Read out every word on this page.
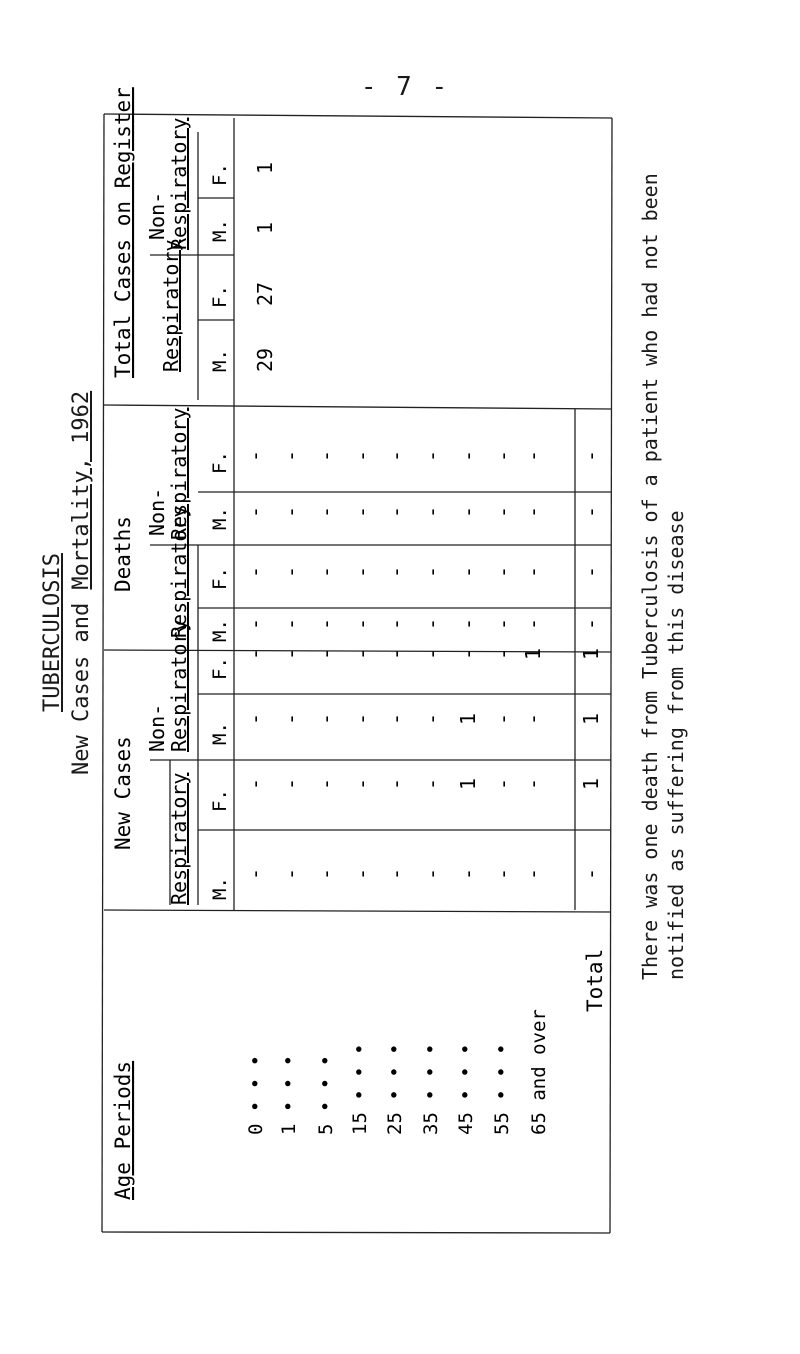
- 7 -
TUBERCULOSIS New Cases and Mortality, 1962	There was one death from Tuberculosis of a patient who had not been notified as suffering from this disease
Total Cases on Register Respiratory
Non-
Respiratory
Deaths Respiratory
Non-
Respiratory
New Cases Respiratory
Non-
Respiratory
Age Periods
M.
F.
M.
F.
M.
F.
M.
F.
M.
F.
M.
F.
29
27
1
1
- - - - - - - - -
- - - - - - - - -
-
-
- - - - - - 1 - -
- - - - - - - - -
1
-
- - - - - - 1 - -
- - - - - - - - -
1
-
- - - - - - - - 1
- - - - - - - - -
1
-
0 • • • 1 • • • 5 • • • 15 • • • 25 • • • 35 • • • 45 • • • 55 • • • 65 and over
Total
